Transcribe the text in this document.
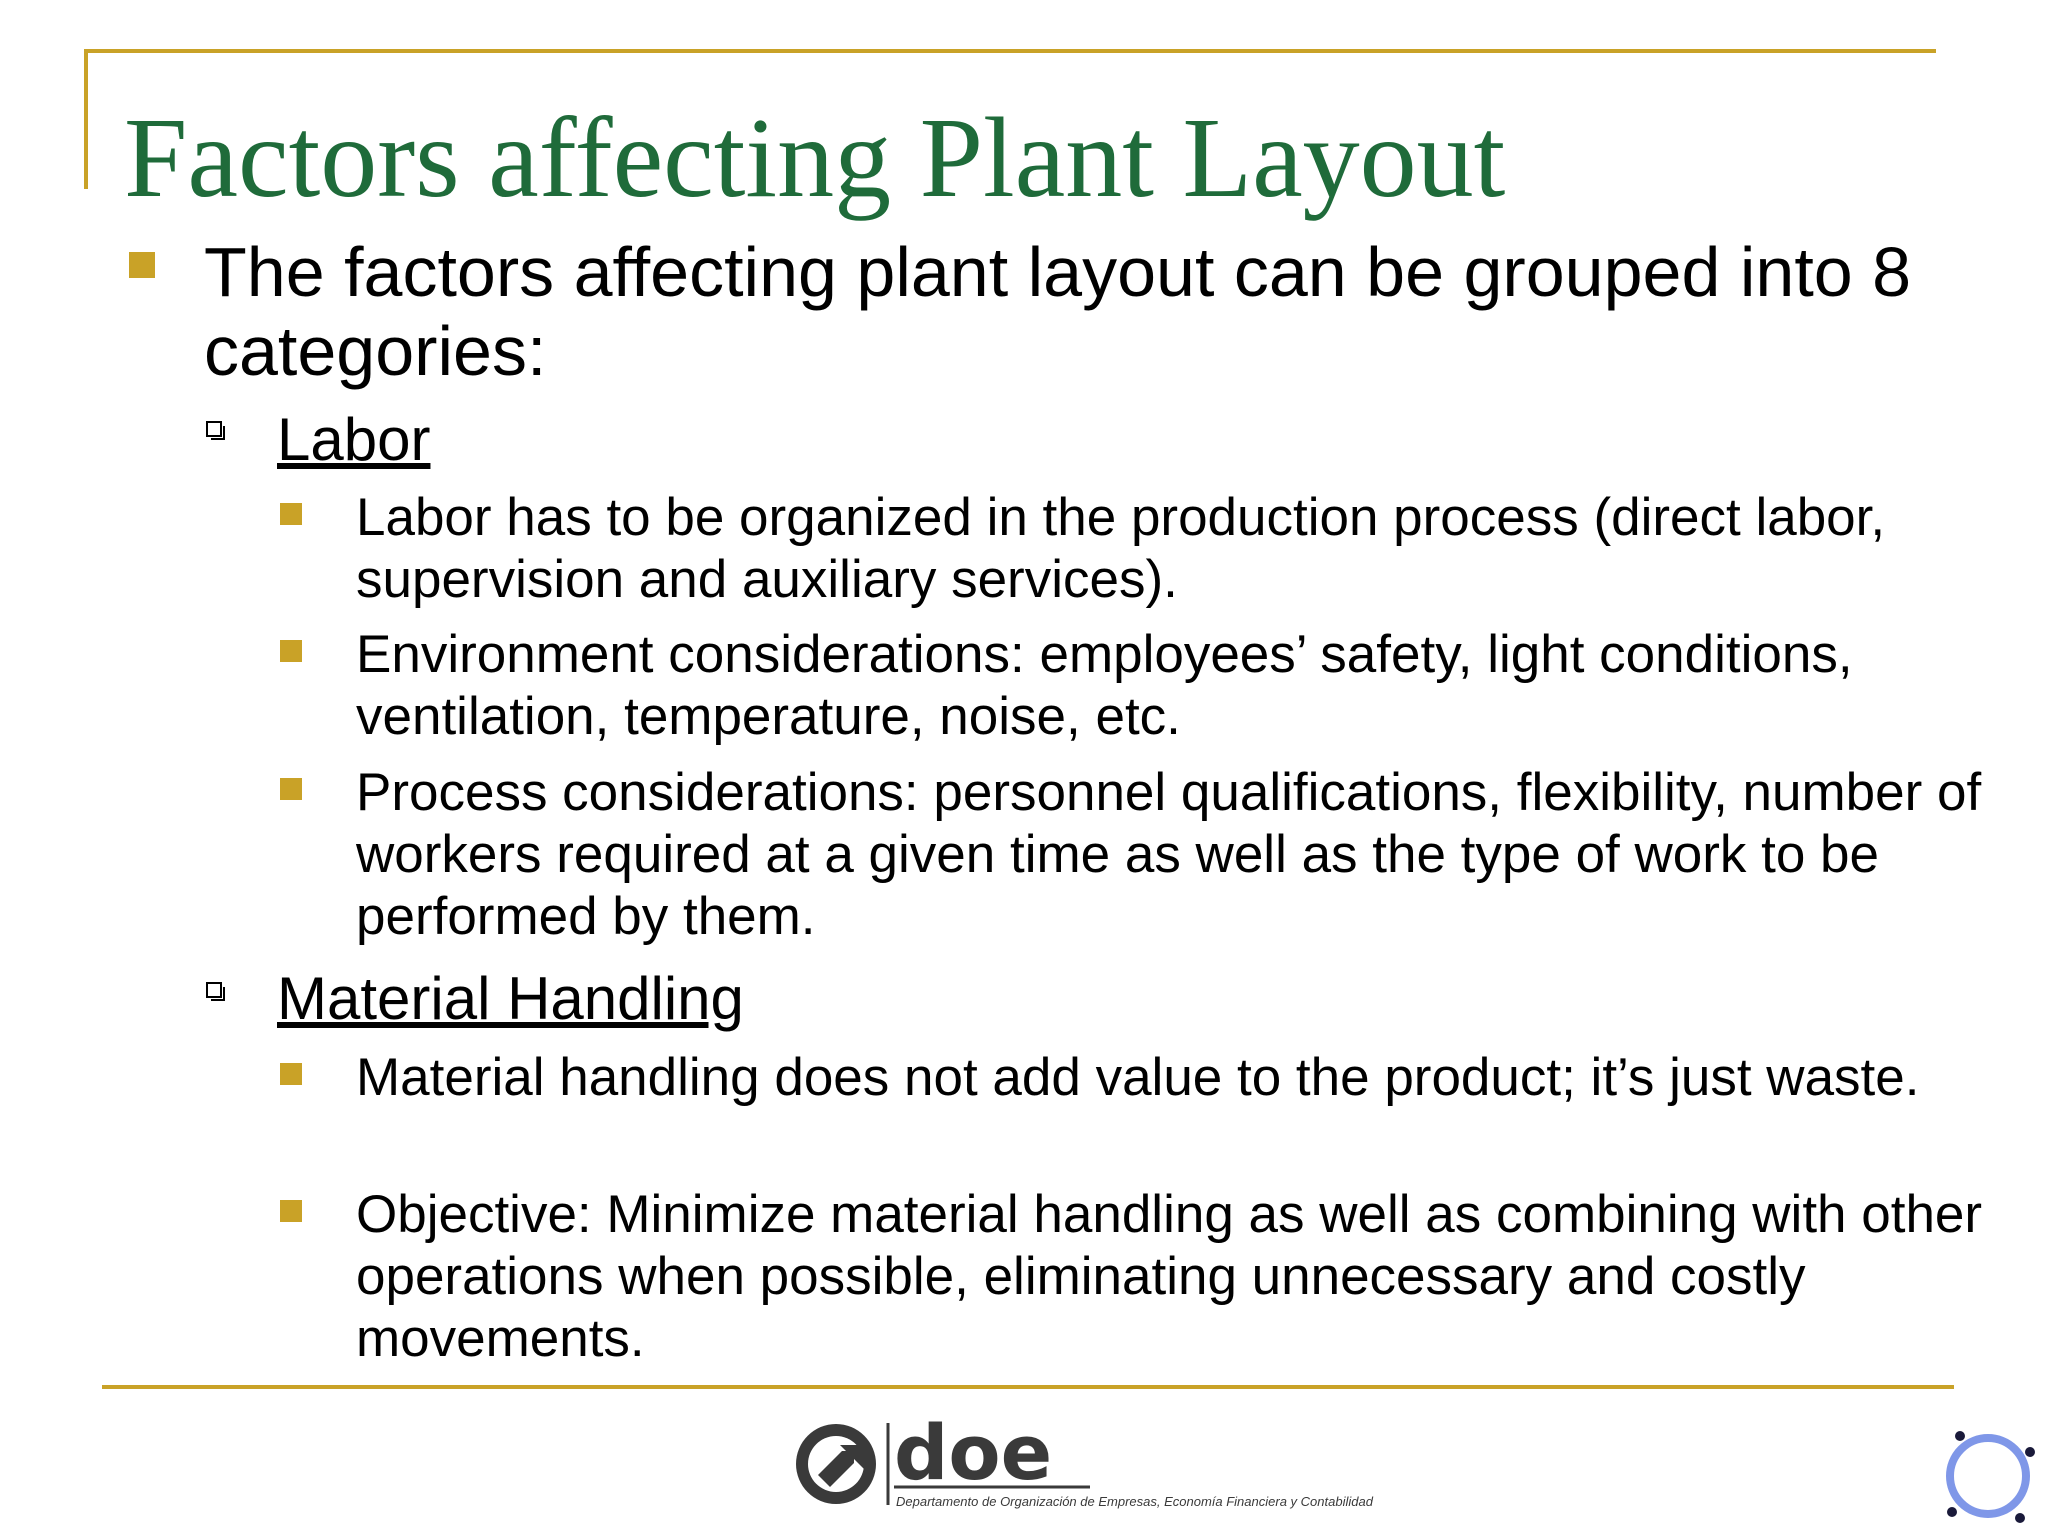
Factors affecting Plant Layout

The factors affecting plant layout can be grouped into 8 categories:

Labor

Labor has to be organized in the production process (direct labor, supervision and auxiliary services).

Environment considerations: employees’ safety, light conditions, ventilation, temperature, noise, etc.

Process considerations: personnel qualifications, flexibility, number of workers required at a given time as well as the type of work to be performed by them.

Material Handling

Material handling does not add value to the product; it’s just waste.

Objective: Minimize material handling as well as combining with other operations when possible, eliminating unnecessary and costly movements.

doe
Departamento de Organización de Empresas, Economía Financiera y Contabilidad
